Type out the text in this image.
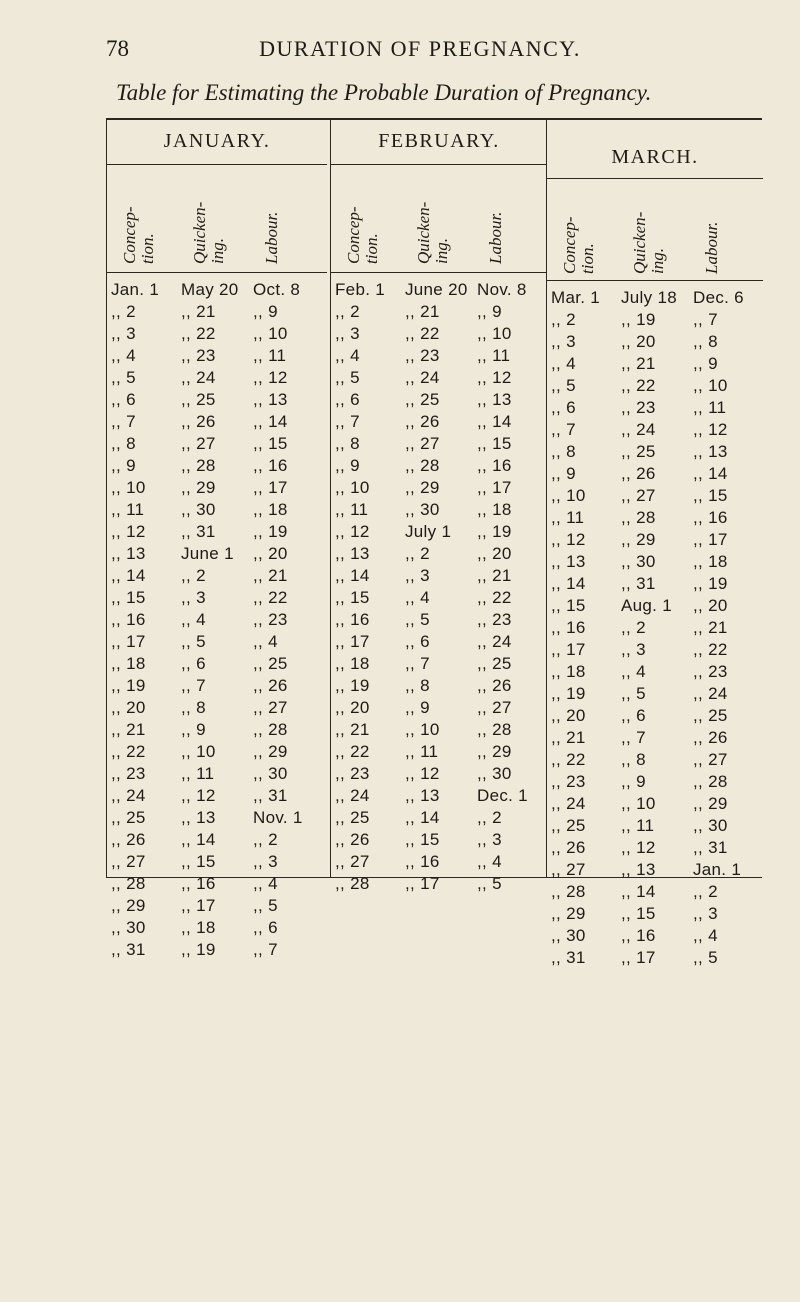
78	DURATION OF PREGNANCY.
Table for Estimating the Probable Duration of Pregnancy.
JANUARY.
Concep-tion. Quicken-ing. Labour.
Jan. 1 May 20 Oct. 8
,, 2	,, 21 ,, 9
,, 3	,, 22 ,, 10
,, 4	,, 23 ,, 11
,, 5	,, 24 ,, 12
,, 6	,, 25 ,, 13
,, 7	,, 26 ,, 14
,, 8	,, 27 ,, 15
,, 9	,, 28 ,, 16
,, 10 ,, 29 ,, 17
,, 11 ,, 30 ,, 18
,, 12 ,, 31 ,, 19
,, 13 June 1 ,, 20
,, 14 ,, 2	,, 21
,, 15 ,, 3	,, 22
,, 16 ,, 4	,, 23
,, 17 ,, 5	,, 4
,, 18 ,, 6	,, 25
,, 19 ,, 7	,, 26
,, 20 ,, 8	,, 27
,, 21 ,, 9	,, 28
,, 22 ,, 10 ,, 29
,, 23 ,, 11 ,, 30
,, 24 ,, 12 ,, 31
,, 25 ,, 13 Nov. 1
,, 26 ,, 14 ,, 2
,, 27 ,, 15 ,, 3
,, 28 ,, 16 ,, 4
,, 29 ,, 17 ,, 5
,, 30 ,, 18 ,, 6
,, 31 ,, 19 ,, 7
FEBRUARY.
Concep-tion. Quicken-ing. Labour.
Feb. 1 June 20 Nov. 8
,, 2	,, 21 ,, 9
,, 3	,, 22 ,, 10
,, 4	,, 23 ,, 11
,, 5	,, 24 ,, 12
,, 6	,, 25 ,, 13
,, 7	,, 26 ,, 14
,, 8	,, 27 ,, 15
,, 9	,, 28 ,, 16
,, 10 ,, 29 ,, 17
,, 11 ,, 30 ,, 18
,, 12 July 1 ,, 19
,, 13 ,, 2	,, 20
,, 14 ,, 3	,, 21
,, 15 ,, 4	,, 22
,, 16 ,, 5	,, 23
,, 17 ,, 6	,, 24
,, 18 ,, 7	,, 25
,, 19 ,, 8	,, 26
,, 20 ,, 9	,, 27
,, 21 ,, 10 ,, 28
,, 22 ,, 11 ,, 29
,, 23 ,, 12 ,, 30
,, 24 ,, 13 Dec. 1
,, 25 ,, 14 ,, 2
,, 26 ,, 15 ,, 3
,, 27 ,, 16 ,, 4
,, 28 ,, 17 ,, 5
MARCH.
Concep-tion. Quicken-ing. Labour.
Mar. 1 July 18 Dec. 6
,, 2	,, 19 ,, 7
,, 3	,, 20 ,, 8
,, 4	,, 21 ,, 9
,, 5	,, 22 ,, 10
,, 6	,, 23 ,, 11
,, 7	,, 24 ,, 12
,, 8	,, 25 ,, 13
,, 9	,, 26 ,, 14
,, 10 ,, 27 ,, 15
,, 11 ,, 28 ,, 16
,, 12 ,, 29 ,, 17
,, 13 ,, 30 ,, 18
,, 14 ,, 31 ,, 19
,, 15 Aug. 1 ,, 20
,, 16 ,, 2	,, 21
,, 17 ,, 3	,, 22
,, 18 ,, 4	,, 23
,, 19 ,, 5	,, 24
,, 20 ,, 6	,, 25
,, 21 ,, 7	,, 26
,, 22 ,, 8	,, 27
,, 23 ,, 9	,, 28
,, 24 ,, 10 ,, 29
,, 25 ,, 11 ,, 30
,, 26 ,, 12 ,, 31
,, 27 ,, 13 Jan. 1
,, 28 ,, 14 ,, 2
,, 29 ,, 15 ,, 3
,, 30 ,, 16 ,, 4
,, 31 ,, 17 ,, 5
